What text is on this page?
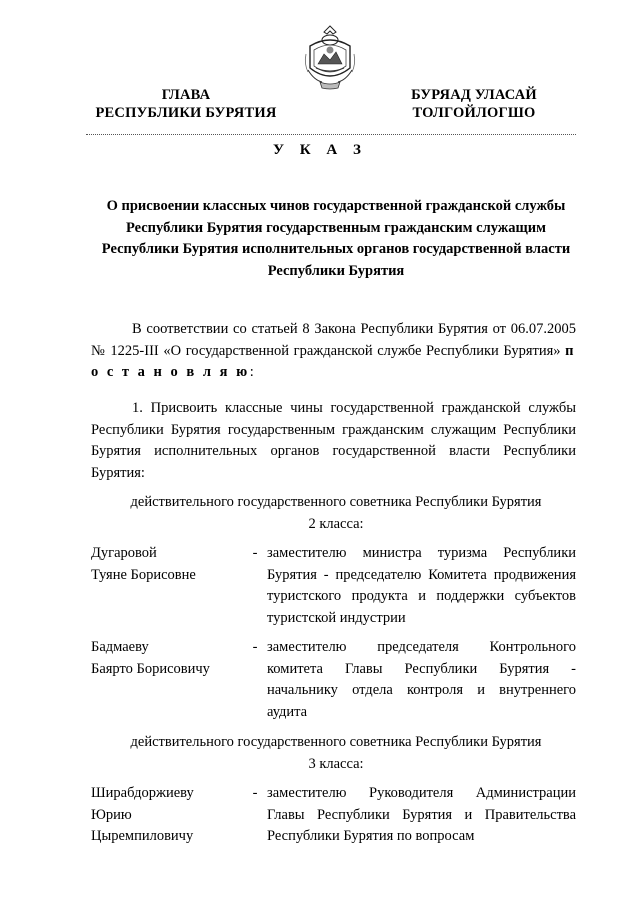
ГЛАВА
РЕСПУБЛИКИ БУРЯТИЯ
БУРЯАД УЛАСАЙ
ТОЛГОЙЛОГШО
У К А З
О присвоении классных чинов государственной гражданской службы Республики Бурятия государственным гражданским служащим Республики Бурятия исполнительных органов государственной власти Республики Бурятия
В соответствии со статьей 8 Закона Республики Бурятия от 06.07.2005 № 1225-III «О государственной гражданской службе Республики Бурятия» п о с т а н о в л я ю:
1. Присвоить классные чины государственной гражданской службы Республики Бурятия государственным гражданским служащим Республики Бурятия исполнительных органов государственной власти Республики Бурятия:
действительного государственного советника Республики Бурятия
2 класса:
Дугаровой
Туяне Борисовне
- заместителю министра туризма Республики Бурятия - председателю Комитета продвижения туристского продукта и поддержки субъектов туристской индустрии
Бадмаеву
Баярто Борисовичу
- заместителю председателя Контрольного комитета Главы Республики Бурятия - начальнику отдела контроля и внутреннего аудита
действительного государственного советника Республики Бурятия
3 класса:
Ширабдоржиеву
Юрию
Цыремпиловичу
- заместителю Руководителя Администрации Главы Республики Бурятия и Правительства Республики Бурятия по вопросам
